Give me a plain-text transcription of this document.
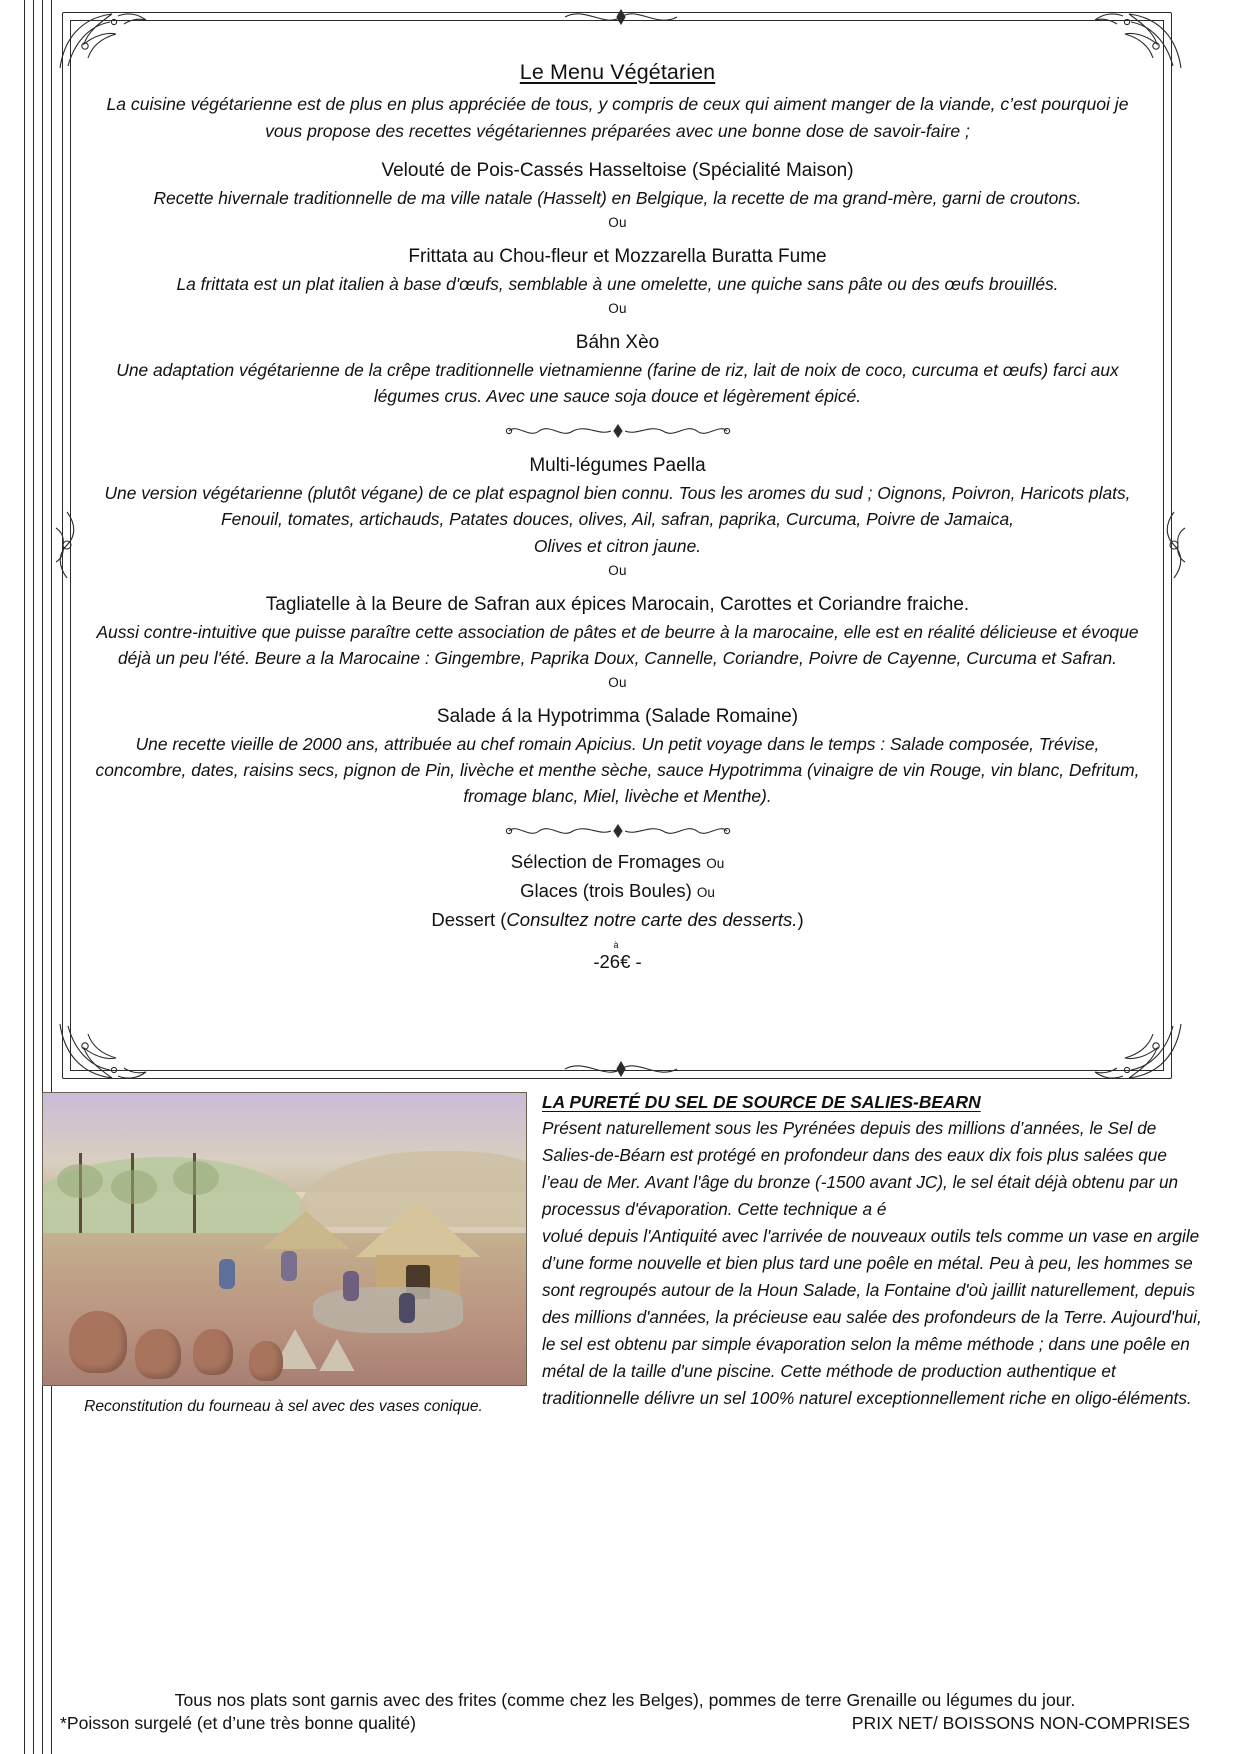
Le Menu Végétarien
La cuisine végétarienne est de plus en plus appréciée de tous, y compris de ceux qui aiment manger de la viande, c’est pourquoi je vous propose des recettes végétariennes préparées avec une bonne dose de savoir-faire ;
Velouté de Pois-Cassés Hasseltoise (Spécialité Maison)
Recette hivernale traditionnelle de ma ville natale (Hasselt) en Belgique, la recette de ma grand-mère, garni de croutons.
Ou
Frittata au Chou-fleur et Mozzarella Buratta Fume
La frittata est un plat italien à base d'œufs, semblable à une omelette, une quiche sans pâte ou des œufs brouillés.
Ou
Báhn Xèo
Une adaptation végétarienne de la crêpe traditionnelle vietnamienne (farine de riz, lait de noix de coco, curcuma et œufs) farci aux légumes crus. Avec une sauce soja douce et légèrement épicé.
Multi-légumes Paella
Une version végétarienne (plutôt végane) de ce plat espagnol bien connu. Tous les aromes du sud ; Oignons, Poivron, Haricots plats, Fenouil, tomates, artichauds, Patates douces, olives, Ail, safran, paprika, Curcuma, Poivre de Jamaica,
Olives et citron jaune.
Ou
Tagliatelle à la Beure de Safran aux épices Marocain, Carottes et Coriandre fraiche.
Aussi contre-intuitive que puisse paraître cette association de pâtes et de beurre à la marocaine, elle est en réalité délicieuse et évoque déjà un peu l'été. Beure a la Marocaine : Gingembre, Paprika Doux, Cannelle, Coriandre, Poivre de Cayenne, Curcuma et Safran.
Ou
Salade á la Hypotrimma (Salade Romaine)
Une recette vieille de 2000 ans, attribuée au chef romain Apicius. Un petit voyage dans le temps : Salade composée, Trévise, concombre, dates, raisins secs, pignon de Pin, livèche et menthe sèche, sauce Hypotrimma (vinaigre de vin Rouge, vin blanc, Defritum, fromage blanc, Miel, livèche et Menthe).
Sélection de Fromages Ou
Glaces (trois Boules) Ou
Dessert (Consultez notre carte des desserts.)
à
-26€ -
Reconstitution du fourneau à sel avec des vases conique.
LA PURETÉ DU SEL DE SOURCE DE SALIES-BEARN

Présent naturellement sous les Pyrénées depuis des millions d’années, le Sel de Salies-de-Béarn est protégé en profondeur dans des eaux dix fois plus salées que l’eau de Mer. Avant l'âge du bronze (-1500 avant JC), le sel était déjà obtenu par un processus d'évaporation. Cette technique a é

volué depuis l'Antiquité avec l'arrivée de nouveaux outils tels comme un vase en argile d’une forme nouvelle et bien plus tard une poêle en métal. Peu à peu, les hommes se sont regroupés autour de la Houn Salade, la Fontaine d'où jaillit naturellement, depuis des millions d'années, la précieuse eau salée des profondeurs de la Terre. Aujourd'hui, le sel est obtenu par simple évaporation selon la même méthode ; dans une poêle en métal de la taille d'une piscine. Cette méthode de production authentique et traditionnelle délivre un sel 100% naturel exceptionnellement riche en oligo-éléments.

Tous nos plats sont garnis avec des frites (comme chez les Belges), pommes de terre Grenaille ou légumes du jour.
*Poisson surgelé (et d’une très bonne qualité)	PRIX NET/ BOISSONS NON-COMPRISES
